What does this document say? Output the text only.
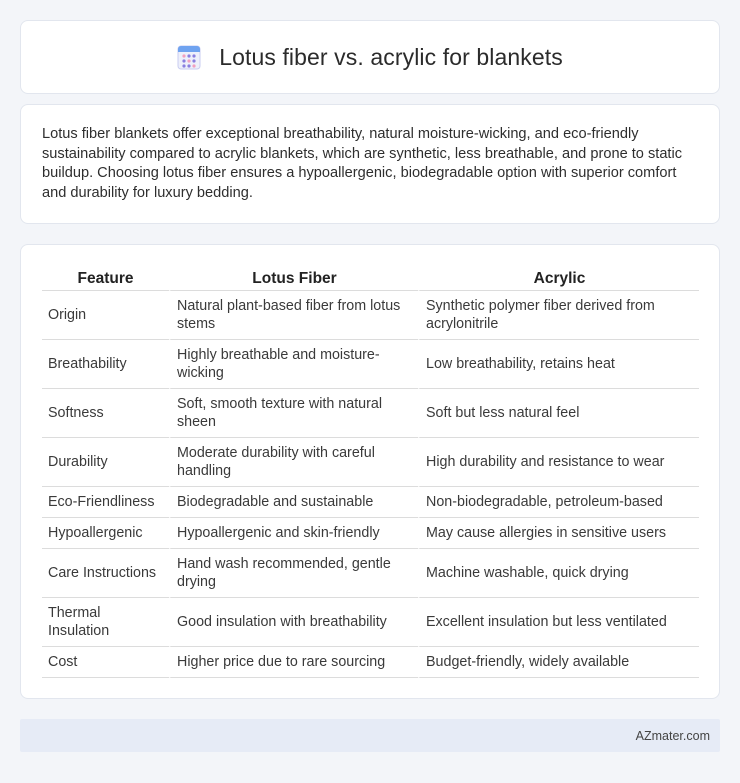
Lotus fiber vs. acrylic for blankets

Lotus fiber blankets offer exceptional breathability, natural moisture-wicking, and eco-friendly sustainability compared to acrylic blankets, which are synthetic, less breathable, and prone to static buildup. Choosing lotus fiber ensures a hypoallergenic, biodegradable option with superior comfort and durability for luxury bedding.

Feature	Lotus Fiber	Acrylic
Origin	Natural plant-based fiber from lotus stems	Synthetic polymer fiber derived from acrylonitrile
Breathability	Highly breathable and moisture-wicking	Low breathability, retains heat
Softness	Soft, smooth texture with natural sheen	Soft but less natural feel
Durability	Moderate durability with careful handling	High durability and resistance to wear
Eco-Friendliness	Biodegradable and sustainable	Non-biodegradable, petroleum-based
Hypoallergenic	Hypoallergenic and skin-friendly	May cause allergies in sensitive users
Care Instructions	Hand wash recommended, gentle drying	Machine washable, quick drying
Thermal Insulation	Good insulation with breathability	Excellent insulation but less ventilated
Cost	Higher price due to rare sourcing	Budget-friendly, widely available
AZmater.com
